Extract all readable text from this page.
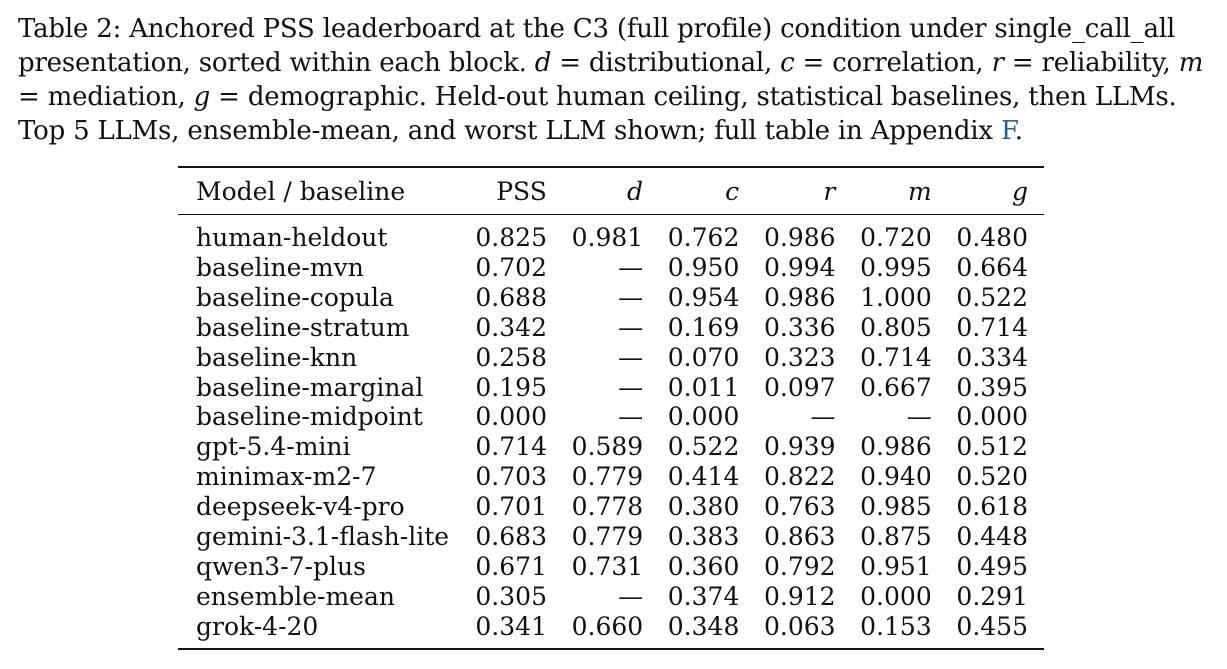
Table 2: Anchored PSS leaderboard at the C3 (full profile) condition under single_call_all presentation, sorted within each block. d = distributional, c = correlation, r = reliability, m = mediation, g = demographic. Held-out human ceiling, statistical baselines, then LLMs. Top 5 LLMs, ensemble-mean, and worst LLM shown; full table in Appendix F.
Model / baseline	PSS	d	c	r	m	g

human-heldout	0.825	0.981	0.762	0.986	0.720	0.480
baseline-mvn	0.702	—	0.950	0.994	0.995	0.664
baseline-copula	0.688	—	0.954	0.986	1.000	0.522
baseline-stratum	0.342	—	0.169	0.336	0.805	0.714
baseline-knn	0.258	—	0.070	0.323	0.714	0.334
baseline-marginal	0.195	—	0.011	0.097	0.667	0.395
baseline-midpoint	0.000	—	0.000	—	—	0.000
gpt-5.4-mini	0.714	0.589	0.522	0.939	0.986	0.512
minimax-m2-7	0.703	0.779	0.414	0.822	0.940	0.520
deepseek-v4-pro	0.701	0.778	0.380	0.763	0.985	0.618
gemini-3.1-flash-lite	0.683	0.779	0.383	0.863	0.875	0.448
qwen3-7-plus	0.671	0.731	0.360	0.792	0.951	0.495
ensemble-mean	0.305	—	0.374	0.912	0.000	0.291
grok-4-20	0.341	0.660	0.348	0.063	0.153	0.455
